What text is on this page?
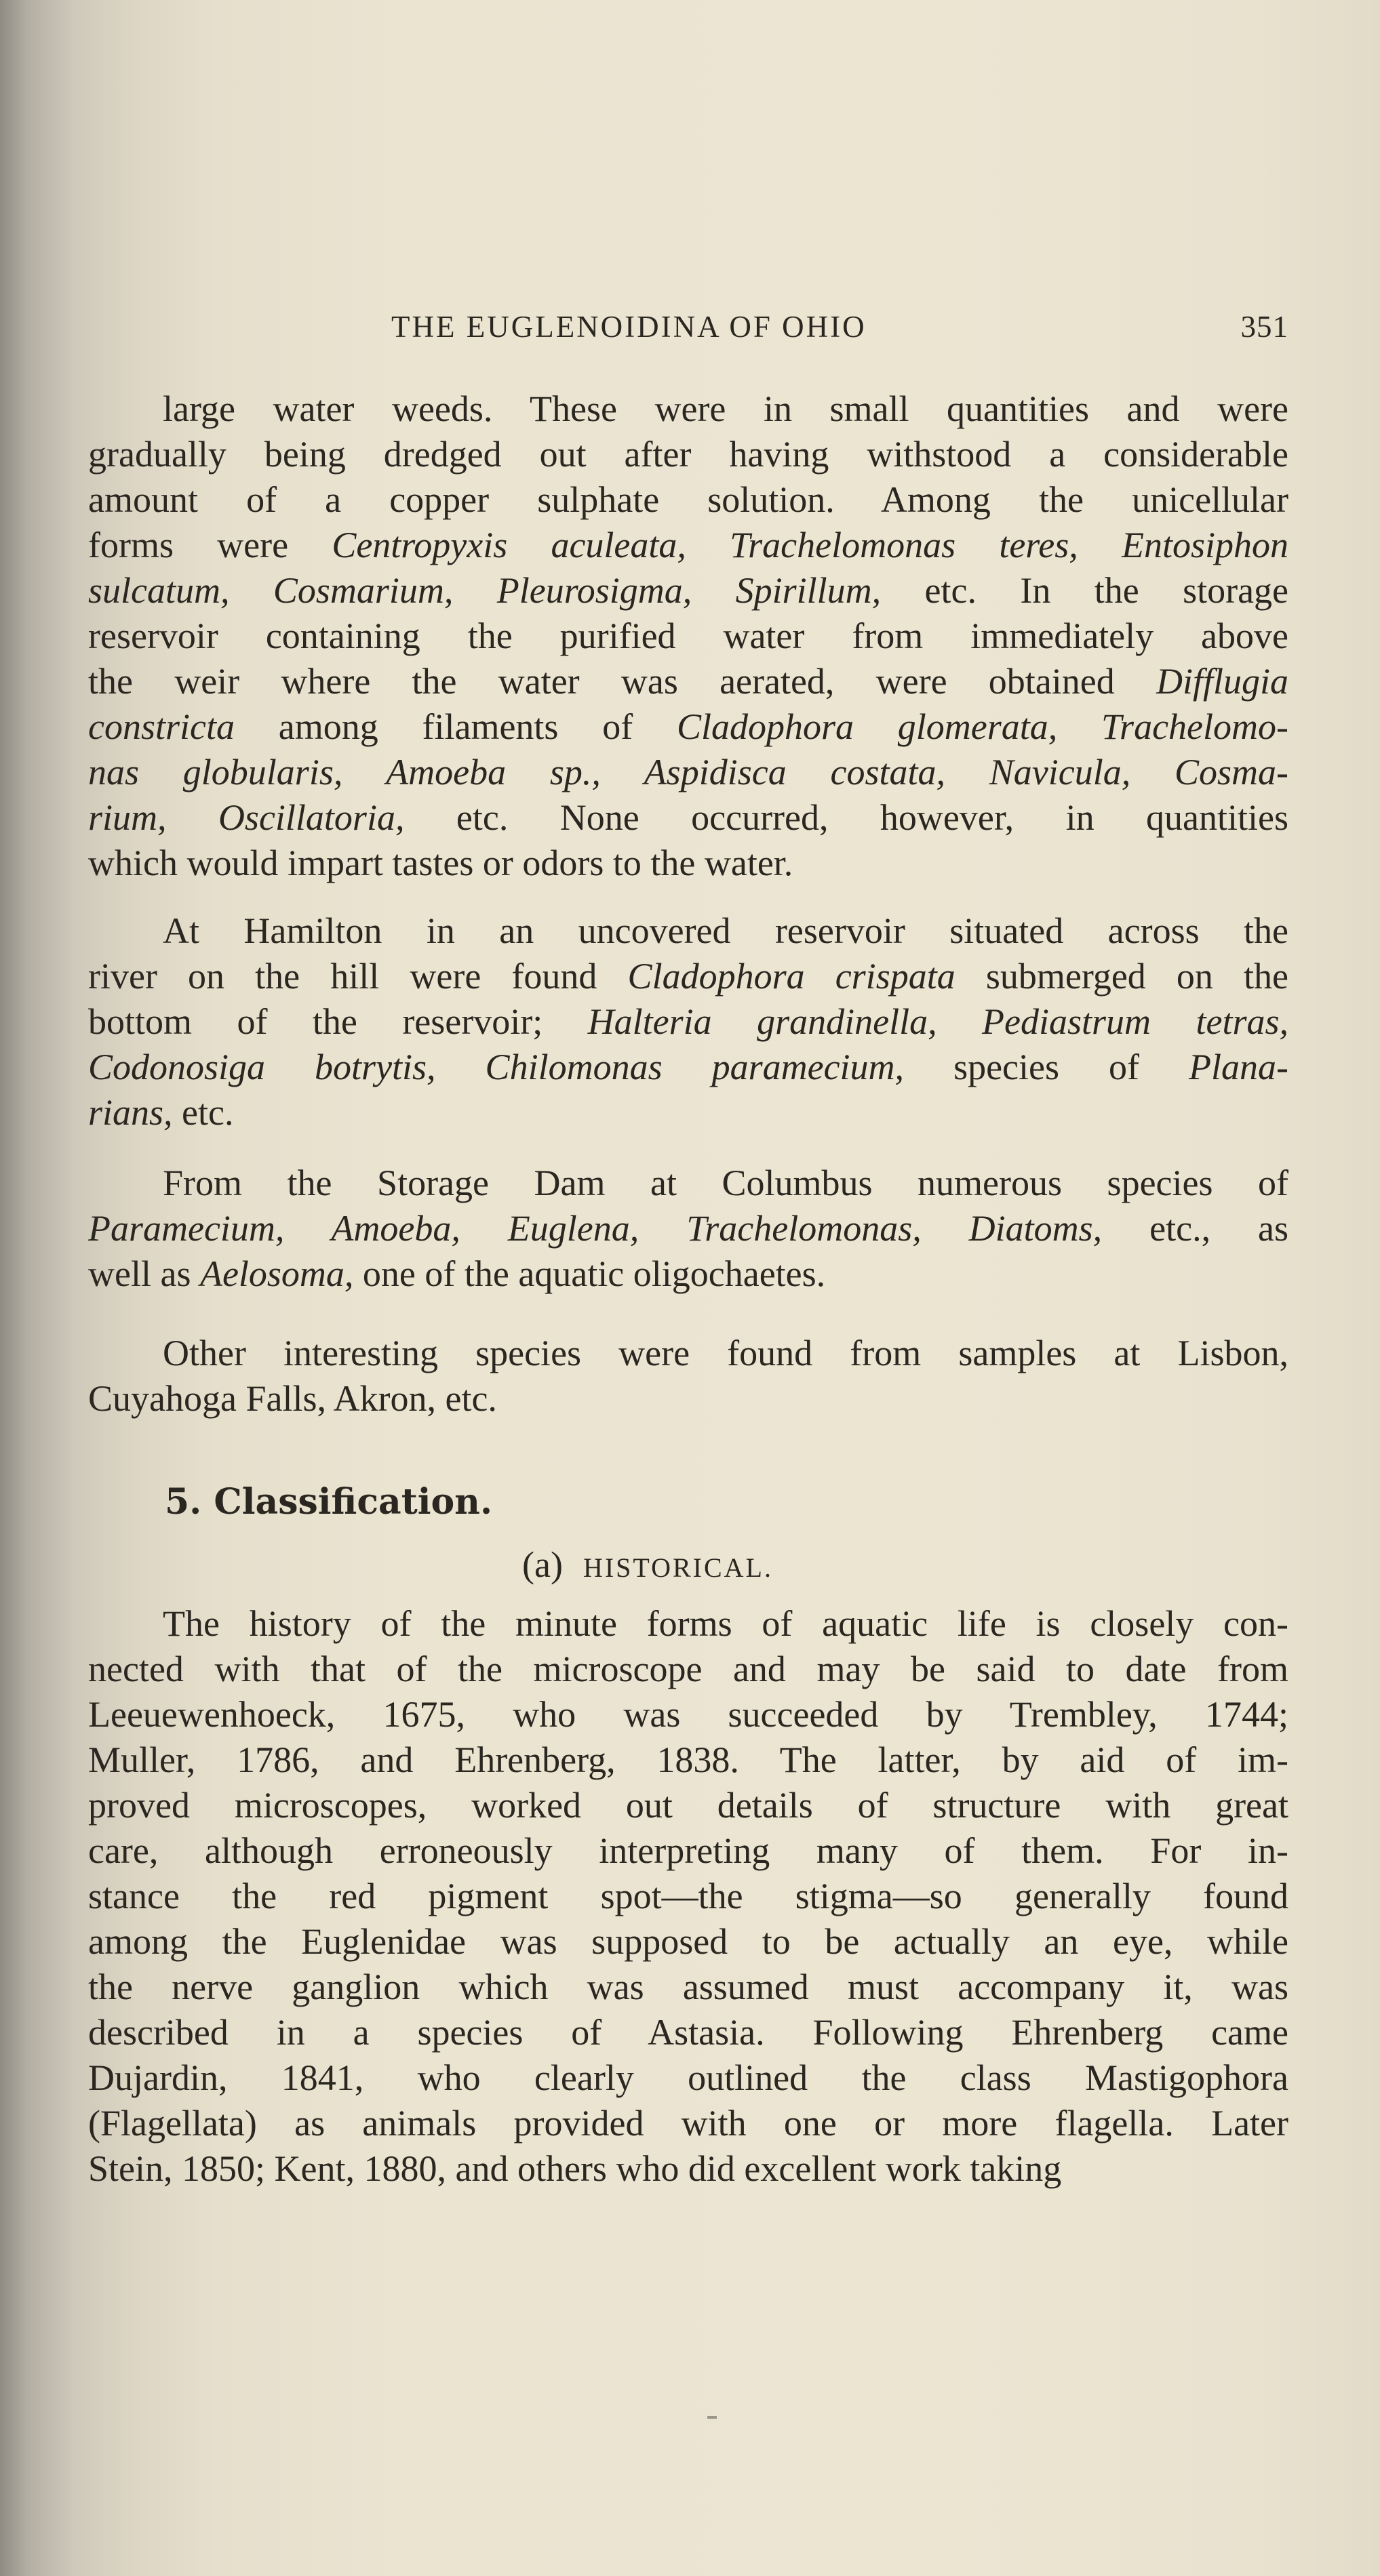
THE EUGLENOIDINA OF OHIO	351
large water weeds. These were in small quantities and were
gradually being dredged out after having withstood a considerable
amount of a copper sulphate solution. Among the unicellular
forms were Centropyxis aculeata, Trachelomonas teres, Entosiphon
sulcatum, Cosmarium, Pleurosigma, Spirillum, etc. In the storage
reservoir containing the purified water from immediately above
the weir where the water was aerated, were obtained Difflugia
constricta among filaments of Cladophora glomerata, Trachelomo-
nas globularis, Amoeba sp., Aspidisca costata, Navicula, Cosma-
rium, Oscillatoria, etc. None occurred, however, in quantities
which would impart tastes or odors to the water.
At Hamilton in an uncovered reservoir situated across the
river on the hill were found Cladophora crispata submerged on the
bottom of the reservoir; Halteria grandinella, Pediastrum tetras,
Codonosiga botrytis, Chilomonas paramecium, species of Plana-
rians, etc.
From the Storage Dam at Columbus numerous species of
Paramecium, Amoeba, Euglena, Trachelomonas, Diatoms, etc., as
well as Aelosoma, one of the aquatic oligochaetes.
Other interesting species were found from samples at Lisbon,
Cuyahoga Falls, Akron, etc.
5. Classification.
(a) HISTORICAL.
The history of the minute forms of aquatic life is closely con-
nected with that of the microscope and may be said to date from
Leeuewenhoeck, 1675, who was succeeded by Trembley, 1744;
Muller, 1786, and Ehrenberg, 1838. The latter, by aid of im-
proved microscopes, worked out details of structure with great
care, although erroneously interpreting many of them. For in-
stance the red pigment spot—the stigma—so generally found
among the Euglenidae was supposed to be actually an eye, while
the nerve ganglion which was assumed must accompany it, was
described in a species of Astasia. Following Ehrenberg came
Dujardin, 1841, who clearly outlined the class Mastigophora
(Flagellata) as animals provided with one or more flagella. Later
Stein, 1850; Kent, 1880, and others who did excellent work taking
